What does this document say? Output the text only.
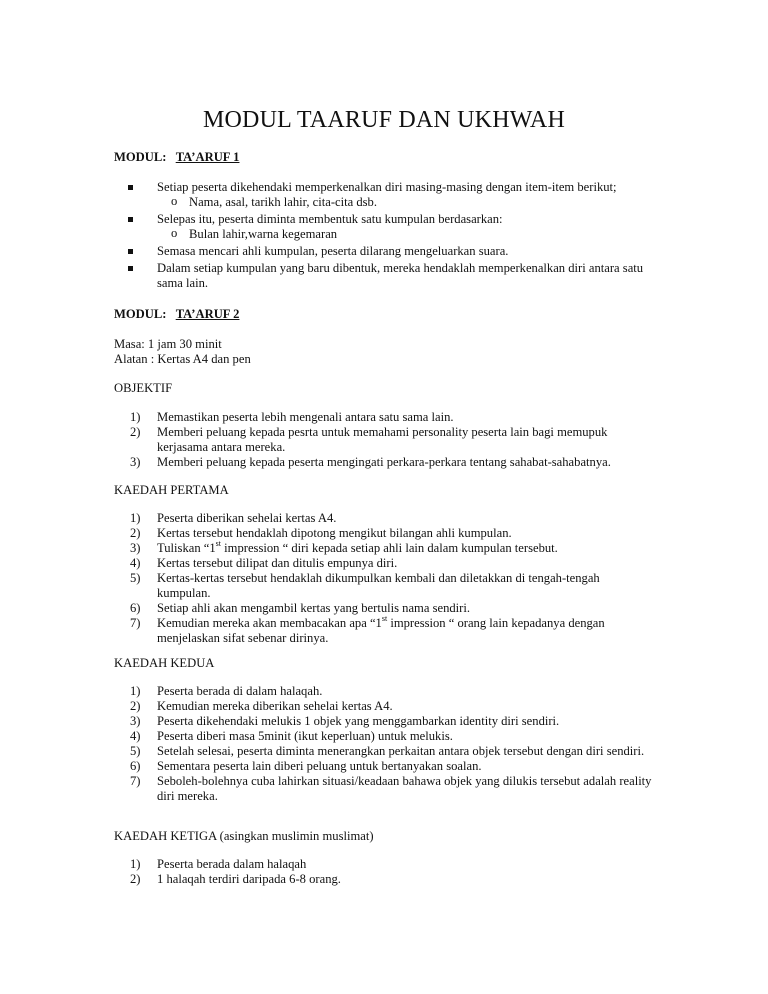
MODUL TAARUF DAN UKHWAH
MODUL: TA’ARUF 1
Setiap peserta dikehendaki memperkenalkan diri masing-masing dengan item-item berikut;
o Nama, asal, tarikh lahir, cita-cita dsb.
Selepas itu, peserta diminta membentuk satu kumpulan berdasarkan:
o Bulan lahir,warna kegemaran
Semasa mencari ahli kumpulan, peserta dilarang mengeluarkan suara.
Dalam setiap kumpulan yang baru dibentuk, mereka hendaklah memperkenalkan diri antara satu
sama lain.
MODUL: TA’ARUF 2
Masa: 1 jam 30 minit
Alatan : Kertas A4 dan pen
OBJEKTIF
1) Memastikan peserta lebih mengenali antara satu sama lain.
2) Memberi peluang kepada pesrta untuk memahami personality peserta lain bagi memupuk
kerjasama antara mereka.
3) Memberi peluang kepada peserta mengingati perkara-perkara tentang sahabat-sahabatnya.
KAEDAH PERTAMA
1) Peserta diberikan sehelai kertas A4.
2) Kertas tersebut hendaklah dipotong mengikut bilangan ahli kumpulan.
3) Tuliskan “1st impression “ diri kepada setiap ahli lain dalam kumpulan tersebut.
4) Kertas tersebut dilipat dan ditulis empunya diri.
5) Kertas-kertas tersebut hendaklah dikumpulkan kembali dan diletakkan di tengah-tengah
kumpulan.
6) Setiap ahli akan mengambil kertas yang bertulis nama sendiri.
7) Kemudian mereka akan membacakan apa “1st impression “ orang lain kepadanya dengan
menjelaskan sifat sebenar dirinya.
KAEDAH KEDUA
1) Peserta berada di dalam halaqah.
2) Kemudian mereka diberikan sehelai kertas A4.
3) Peserta dikehendaki melukis 1 objek yang menggambarkan identity diri sendiri.
4) Peserta diberi masa 5minit (ikut keperluan) untuk melukis.
5) Setelah selesai, peserta diminta menerangkan perkaitan antara objek tersebut dengan diri sendiri.
6) Sementara peserta lain diberi peluang untuk bertanyakan soalan.
7) Seboleh-bolehnya cuba lahirkan situasi/keadaan bahawa objek yang dilukis tersebut adalah reality
diri mereka.
KAEDAH KETIGA (asingkan muslimin muslimat)
1) Peserta berada dalam halaqah
2) 1 halaqah terdiri daripada 6-8 orang.
